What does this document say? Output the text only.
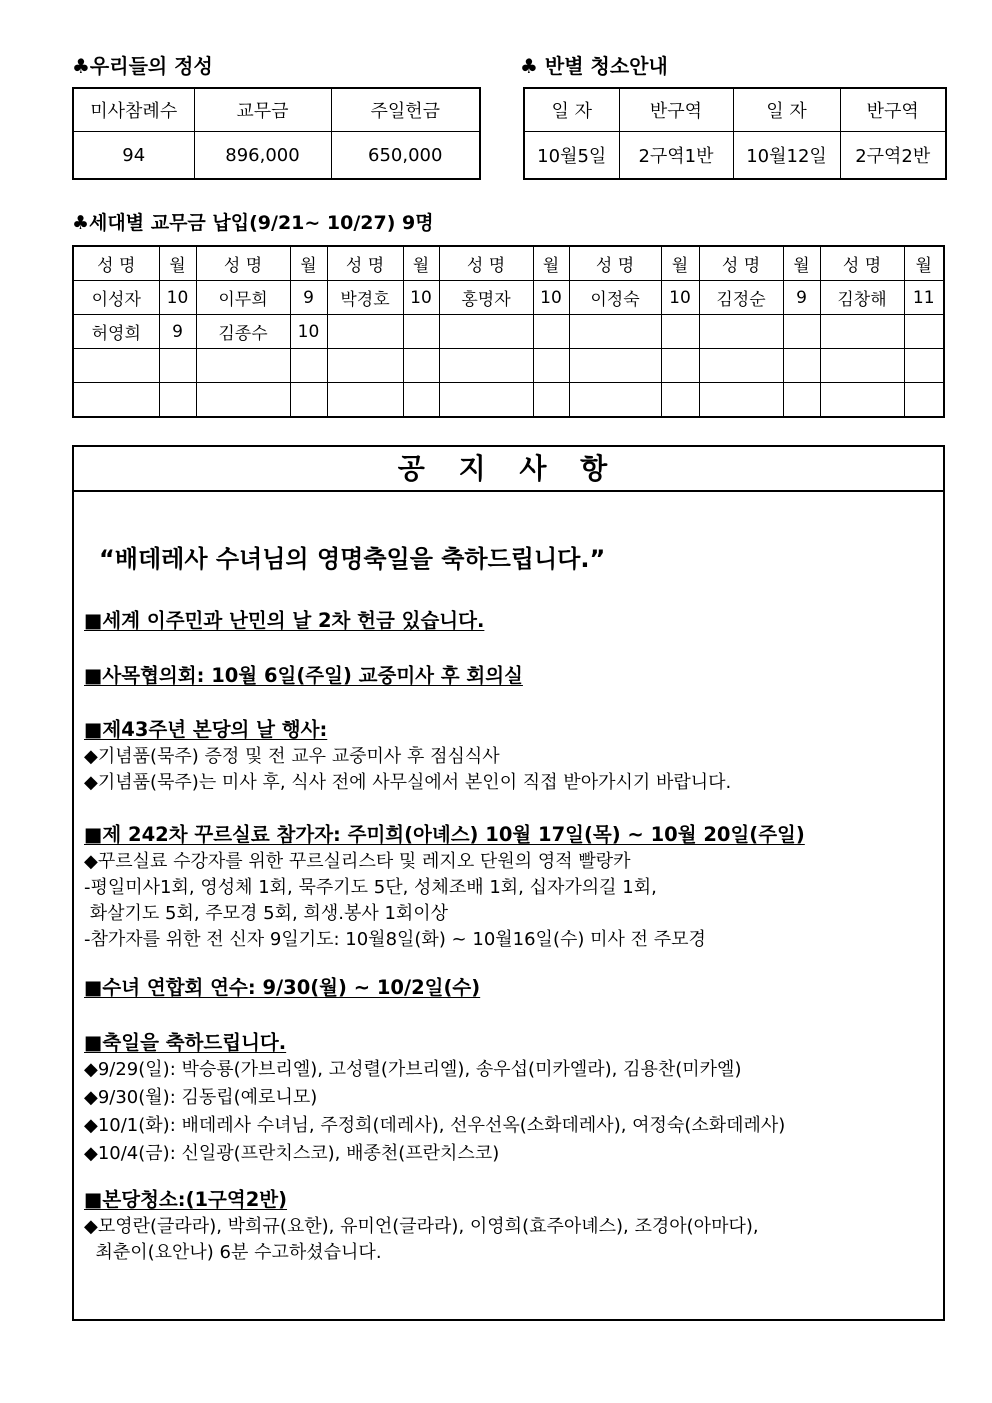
♣우리들의 정성
미사참례수	교무금	주일헌금
94	896,000	650,000
♣ 반별 청소안내
일 자	반구역	일 자	반구역
10월5일	2구역1반	10월12일	2구역2반
♣세대별 교무금 납입(9/21~ 10/27) 9명
성 명	월	성 명	월	성 명	월	성 명	월	성 명	월	성 명	월	성 명	월
이성자	10	이무희	9	박경호	10	홍명자	10	이정숙	10	김정순	9	김창해	11
허영희	9	김종수	10										

공 지 사 항
“배데레사 수녀님의 영명축일을 축하드립니다.”
■세계 이주민과 난민의 날 2차 헌금 있습니다.
■사목협의회: 10월 6일(주일) 교중미사 후 회의실
■제43주년 본당의 날 행사:
◆기념품(묵주) 증정 및 전 교우 교중미사 후 점심식사
◆기념품(묵주)는 미사 후, 식사 전에 사무실에서 본인이 직접 받아가시기 바랍니다.
■제 242차 꾸르실료 참가자: 주미희(아녜스) 10월 17일(목) ~ 10월 20일(주일)
◆꾸르실료 수강자를 위한 꾸르실리스타 및 레지오 단원의 영적 빨랑카
-평일미사1회, 영성체 1회, 묵주기도 5단, 성체조배 1회, 십자가의길 1회,
화살기도 5회, 주모경 5회, 희생.봉사 1회이상
-참가자를 위한 전 신자 9일기도: 10월8일(화) ~ 10월16일(수) 미사 전 주모경
■수녀 연합회 연수: 9/30(월) ~ 10/2일(수)
■축일을 축하드립니다.
◆9/29(일): 박승룡(가브리엘), 고성렬(가브리엘), 송우섭(미카엘라), 김용찬(미카엘)
◆9/30(월): 김동립(예로니모)
◆10/1(화): 배데레사 수녀님, 주정희(데레사), 선우선옥(소화데레사), 여정숙(소화데레사)
◆10/4(금): 신일광(프란치스코), 배종천(프란치스코)
■본당청소:(1구역2반)
◆모영란(글라라), 박희규(요한), 유미언(글라라), 이영희(효주아녜스), 조경아(아마다),
최춘이(요안나) 6분 수고하셨습니다.
